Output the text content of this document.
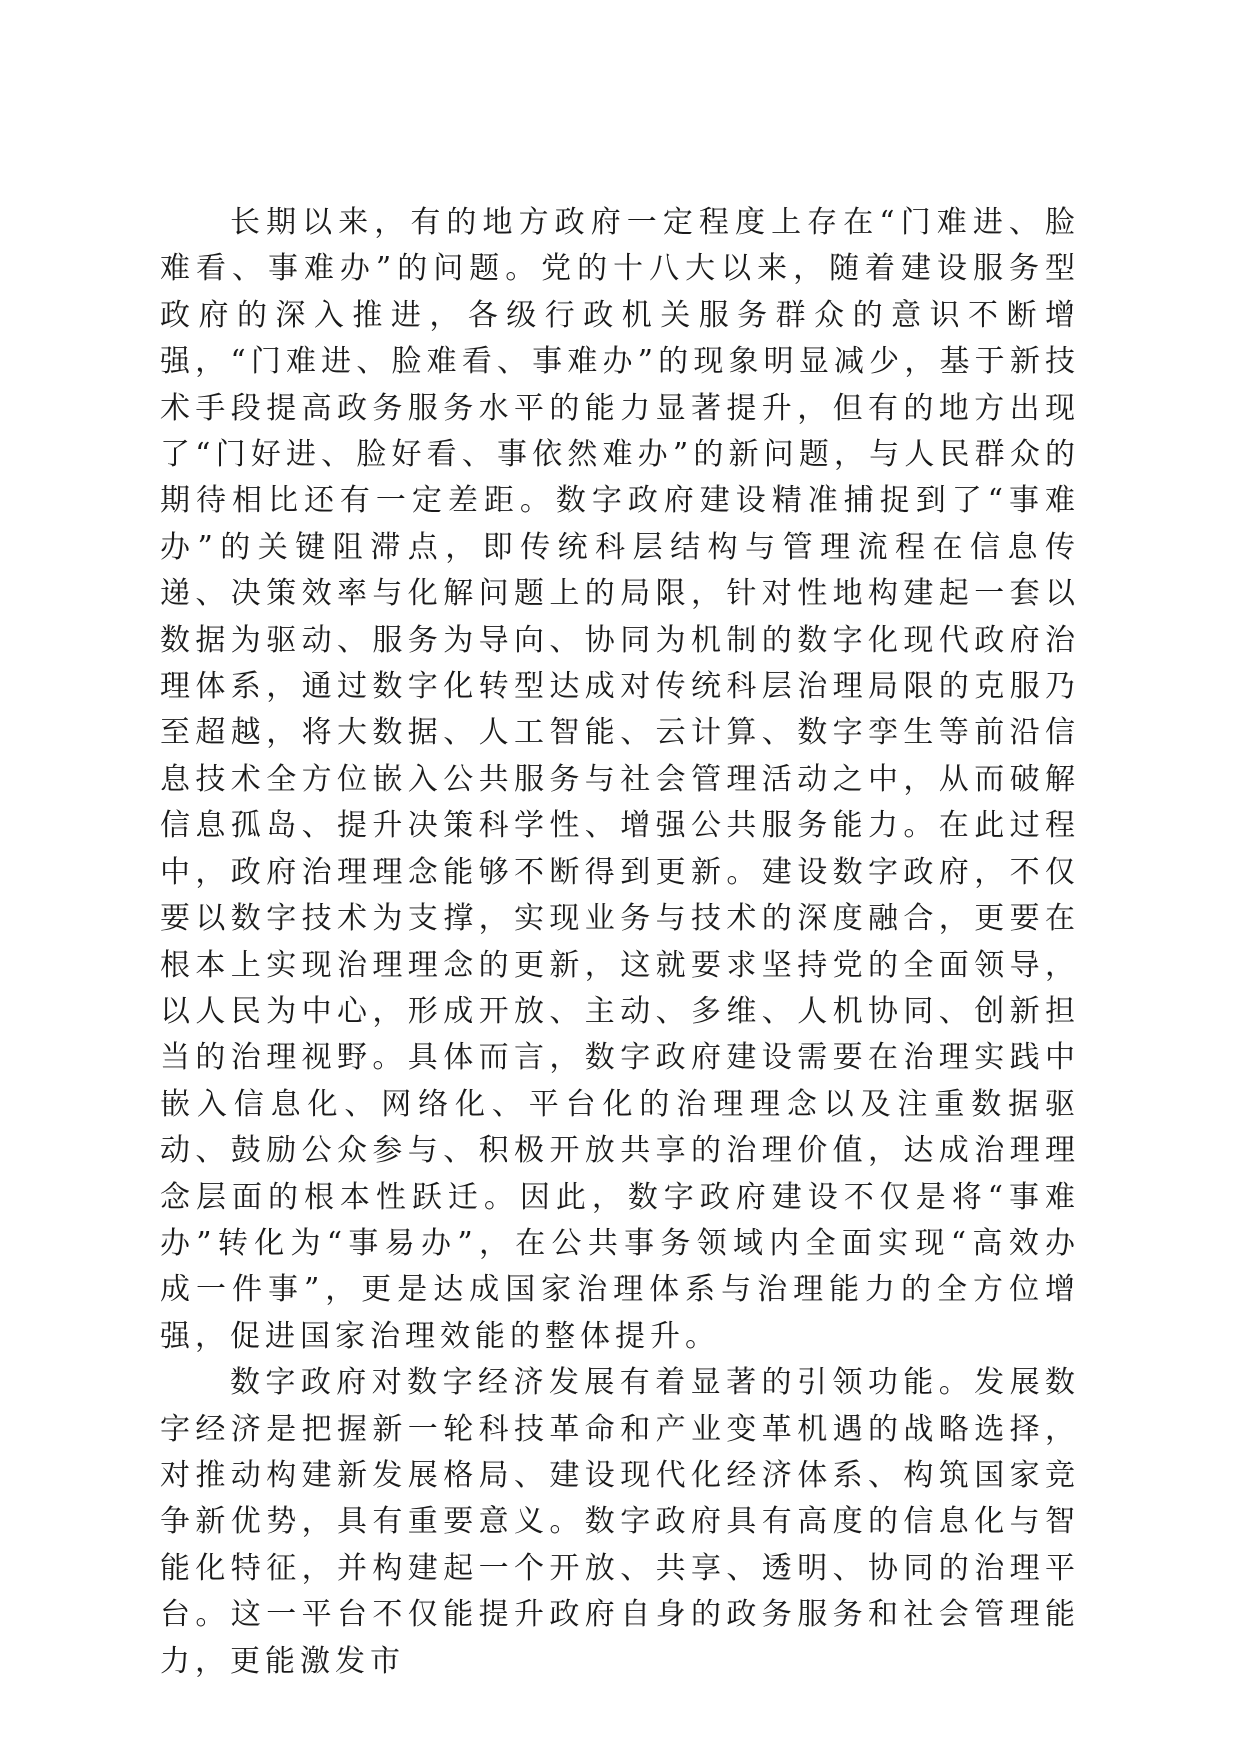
长期以来，有的地方政府一定程度上存在“门难进、脸难看、事难办”的问题。党的十八大以来，随着建设服务型政府的深入推进，各级行政机关服务群众的意识不断增强，“门难进、脸难看、事难办”的现象明显减少，基于新技术手段提高政务服务水平的能力显著提升，但有的地方出现了“门好进、脸好看、事依然难办”的新问题，与人民群众的期待相比还有一定差距。数字政府建设精准捕捉到了“事难办”的关键阻滞点，即传统科层结构与管理流程在信息传递、决策效率与化解问题上的局限，针对性地构建起一套以数据为驱动、服务为导向、协同为机制的数字化现代政府治理体系，通过数字化转型达成对传统科层治理局限的克服乃至超越，将大数据、人工智能、云计算、数字孪生等前沿信息技术全方位嵌入公共服务与社会管理活动之中，从而破解信息孤岛、提升决策科学性、增强公共服务能力。在此过程中，政府治理理念能够不断得到更新。建设数字政府，不仅要以数字技术为支撑，实现业务与技术的深度融合，更要在根本上实现治理理念的更新，这就要求坚持党的全面领导，以人民为中心，形成开放、主动、多维、人机协同、创新担当的治理视野。具体而言，数字政府建设需要在治理实践中嵌入信息化、网络化、平台化的治理理念以及注重数据驱动、鼓励公众参与、积极开放共享的治理价值，达成治理理念层面的根本性跃迁。因此，数字政府建设不仅是将“事难办”转化为“事易办”，在公共事务领域内全面实现“高效办成一件事”，更是达成国家治理体系与治理能力的全方位增强，促进国家治理效能的整体提升。

数字政府对数字经济发展有着显著的引领功能。发展数字经济是把握新一轮科技革命和产业变革机遇的战略选择，对推动构建新发展格局、建设现代化经济体系、构筑国家竞争新优势，具有重要意义。数字政府具有高度的信息化与智能化特征，并构建起一个开放、共享、透明、协同的治理平台。这一平台不仅能提升政府自身的政务服务和社会管理能力，更能激发市
